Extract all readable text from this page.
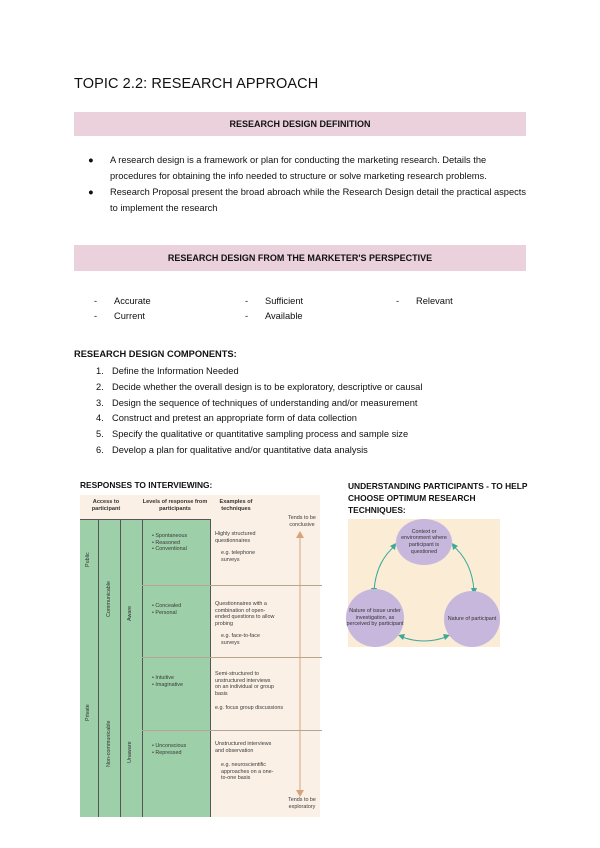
TOPIC 2.2: RESEARCH APPROACH
RESEARCH DESIGN DEFINITION
● A research design is a framework or plan for conducting the marketing research. Details the procedures for obtaining the info needed to structure or solve marketing research problems.
● Research Proposal present the broad abroach while the Research Design detail the practical aspects to implement the research
RESEARCH DESIGN FROM THE MARKETER'S PERSPECTIVE
- Accurate
- Current
- Sufficient
- Available
- Relevant
RESEARCH DESIGN COMPONENTS:
1. Define the Information Needed
2. Decide whether the overall design is to be exploratory, descriptive or causal
3. Design the sequence of techniques of understanding and/or measurement
4. Construct and pretest an appropriate form of data collection
5. Specify the qualitative or quantitative sampling process and sample size
6. Develop a plan for qualitative and/or quantitative data analysis
RESPONSES TO INTERVIEWING:
Access to participant
Levels of response from participants
Examples of techniques
Public
Private
Communicable
Non-communicable
Aware
Unaware
• Spontaneous
• Reasoned
• Conventional
• Concealed
• Personal
• Intuitive
• Imaginative
• Unconscious
• Repressed
Highly structured questionnaires
e.g. telephone surveys
Questionnaires with a combination of open-ended questions to allow probing
e.g. face-to-face surveys
Semi-structured to unstructured interviews on an individual or group basis
e.g. focus group discussions
Unstructured interviews and observation
e.g. neuroscientific approaches on a one-to-one basis
Tends to be conclusive
Tends to be exploratory
UNDERSTANDING PARTICIPANTS - TO HELP CHOOSE OPTIMUM RESEARCH TECHNIQUES:
Context or environment where participant is questioned
Nature of issue under investigation, as perceived by participant
Nature of participant
